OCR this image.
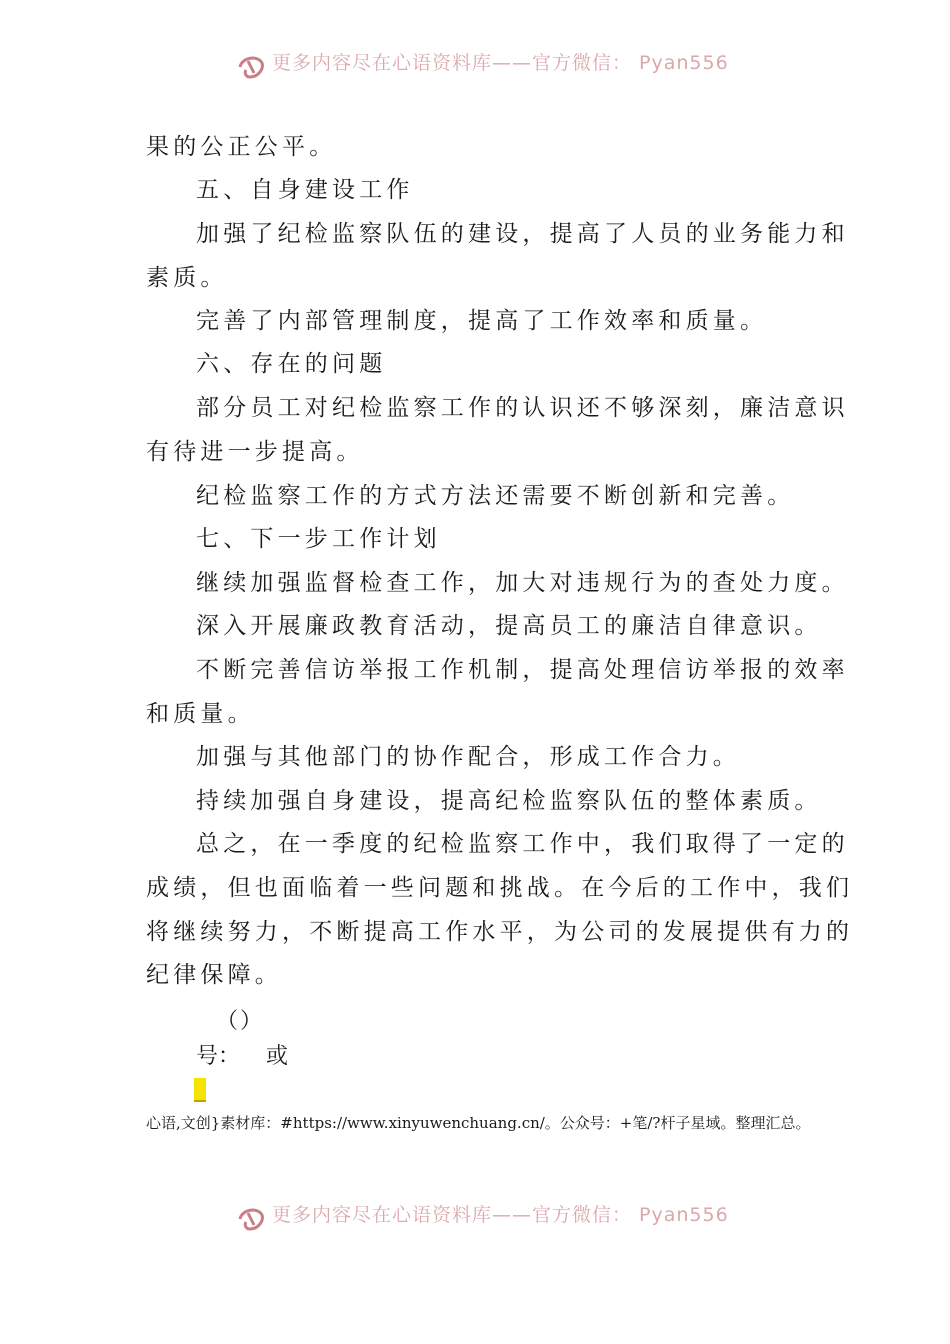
更多内容尽在心语资料库——官方微信： Pyan556
果的公正公平。
五、自身建设工作
加强了纪检监察队伍的建设，提高了人员的业务能力和
素质。
完善了内部管理制度，提高了工作效率和质量。
六、存在的问题
部分员工对纪检监察工作的认识还不够深刻，廉洁意识
有待进一步提高。
纪检监察工作的方式方法还需要不断创新和完善。
七、下一步工作计划
继续加强监督检查工作，加大对违规行为的查处力度。
深入开展廉政教育活动，提高员工的廉洁自律意识。
不断完善信访举报工作机制，提高处理信访举报的效率
和质量。
加强与其他部门的协作配合，形成工作合力。
持续加强自身建设，提高纪检监察队伍的整体素质。
总之，在一季度的纪检监察工作中，我们取得了一定的
成绩，但也面临着一些问题和挑战。在今后的工作中，我们
将继续努力，不断提高工作水平，为公司的发展提供有力的
纪律保障。
（）
号： 或
心语,文创}素材库：#https://www.xinyuwenchuang.cn/。公众号：+笔/?杆子星域。整理汇总。
更多内容尽在心语资料库——官方微信： Pyan556
